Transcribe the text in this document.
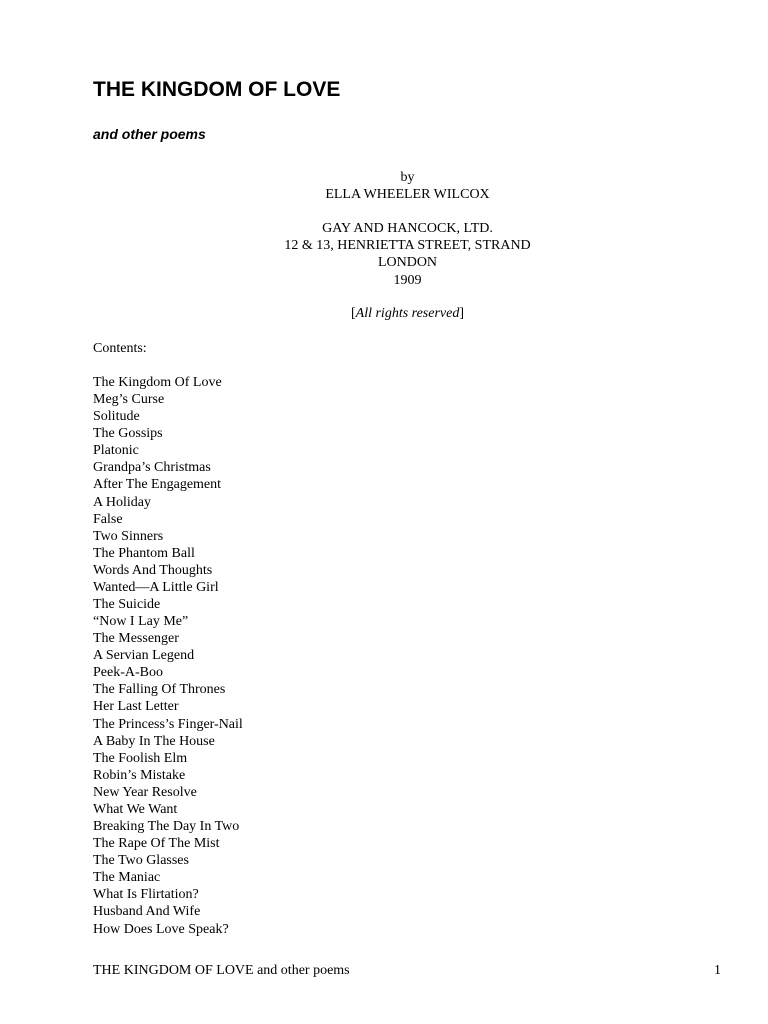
THE KINGDOM OF LOVE
and other poems
by
ELLA WHEELER WILCOX
GAY AND HANCOCK, LTD.
12 & 13, HENRIETTA STREET, STRAND
LONDON
1909
[All rights reserved]
Contents:
The Kingdom Of Love
Meg’s Curse
Solitude
The Gossips
Platonic
Grandpa’s Christmas
After The Engagement
A Holiday
False
Two Sinners
The Phantom Ball
Words And Thoughts
Wanted—A Little Girl
The Suicide
“Now I Lay Me”
The Messenger
A Servian Legend
Peek-A-Boo
The Falling Of Thrones
Her Last Letter
The Princess’s Finger-Nail
A Baby In The House
The Foolish Elm
Robin’s Mistake
New Year Resolve
What We Want
Breaking The Day In Two
The Rape Of The Mist
The Two Glasses
The Maniac
What Is Flirtation?
Husband And Wife
How Does Love Speak?
THE KINGDOM OF LOVE and other poems	1
